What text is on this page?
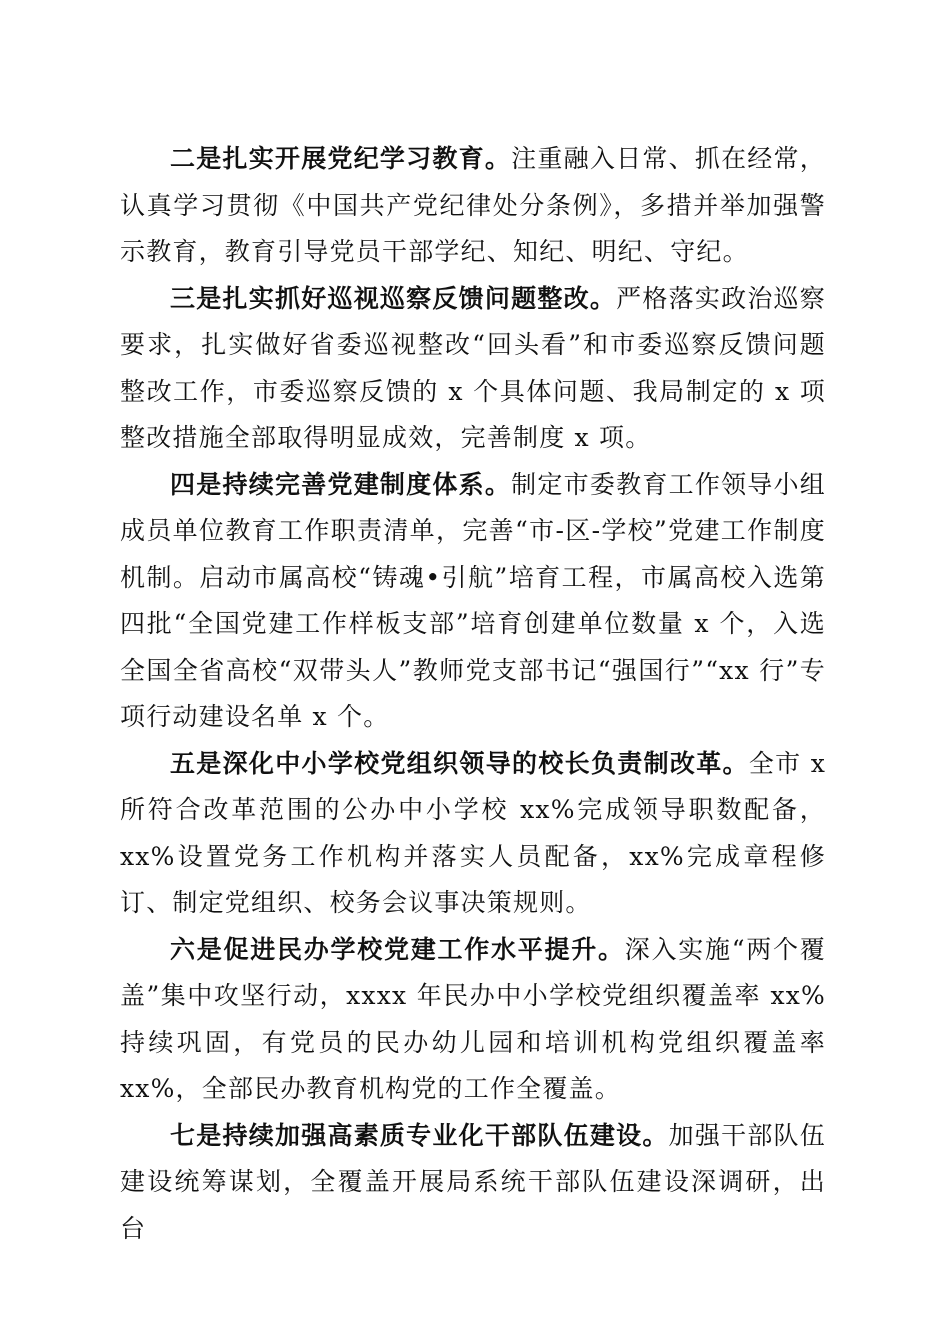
二是扎实开展党纪学习教育。注重融入日常、抓在经常，认真学习贯彻《中国共产党纪律处分条例》，多措并举加强警示教育，教育引导党员干部学纪、知纪、明纪、守纪。

三是扎实抓好巡视巡察反馈问题整改。严格落实政治巡察要求，扎实做好省委巡视整改“回头看”和市委巡察反馈问题整改工作，市委巡察反馈的 x 个具体问题、我局制定的 x 项整改措施全部取得明显成效，完善制度 x 项。

四是持续完善党建制度体系。制定市委教育工作领导小组成员单位教育工作职责清单，完善“市-区-学校”党建工作制度机制。启动市属高校“铸魂•引航”培育工程，市属高校入选第四批“全国党建工作样板支部”培育创建单位数量 x 个，入选全国全省高校“双带头人”教师党支部书记“强国行”“xx 行”专项行动建设名单 x 个。

五是深化中小学校党组织领导的校长负责制改革。全市 x 所符合改革范围的公办中小学校 xx%完成领导职数配备，xx%设置党务工作机构并落实人员配备，xx%完成章程修订、制定党组织、校务会议事决策规则。

六是促进民办学校党建工作水平提升。深入实施“两个覆盖”集中攻坚行动，xxxx 年民办中小学校党组织覆盖率 xx%持续巩固，有党员的民办幼儿园和培训机构党组织覆盖率 xx%，全部民办教育机构党的工作全覆盖。

七是持续加强高素质专业化干部队伍建设。加强干部队伍建设统筹谋划，全覆盖开展局系统干部队伍建设深调研，出台
